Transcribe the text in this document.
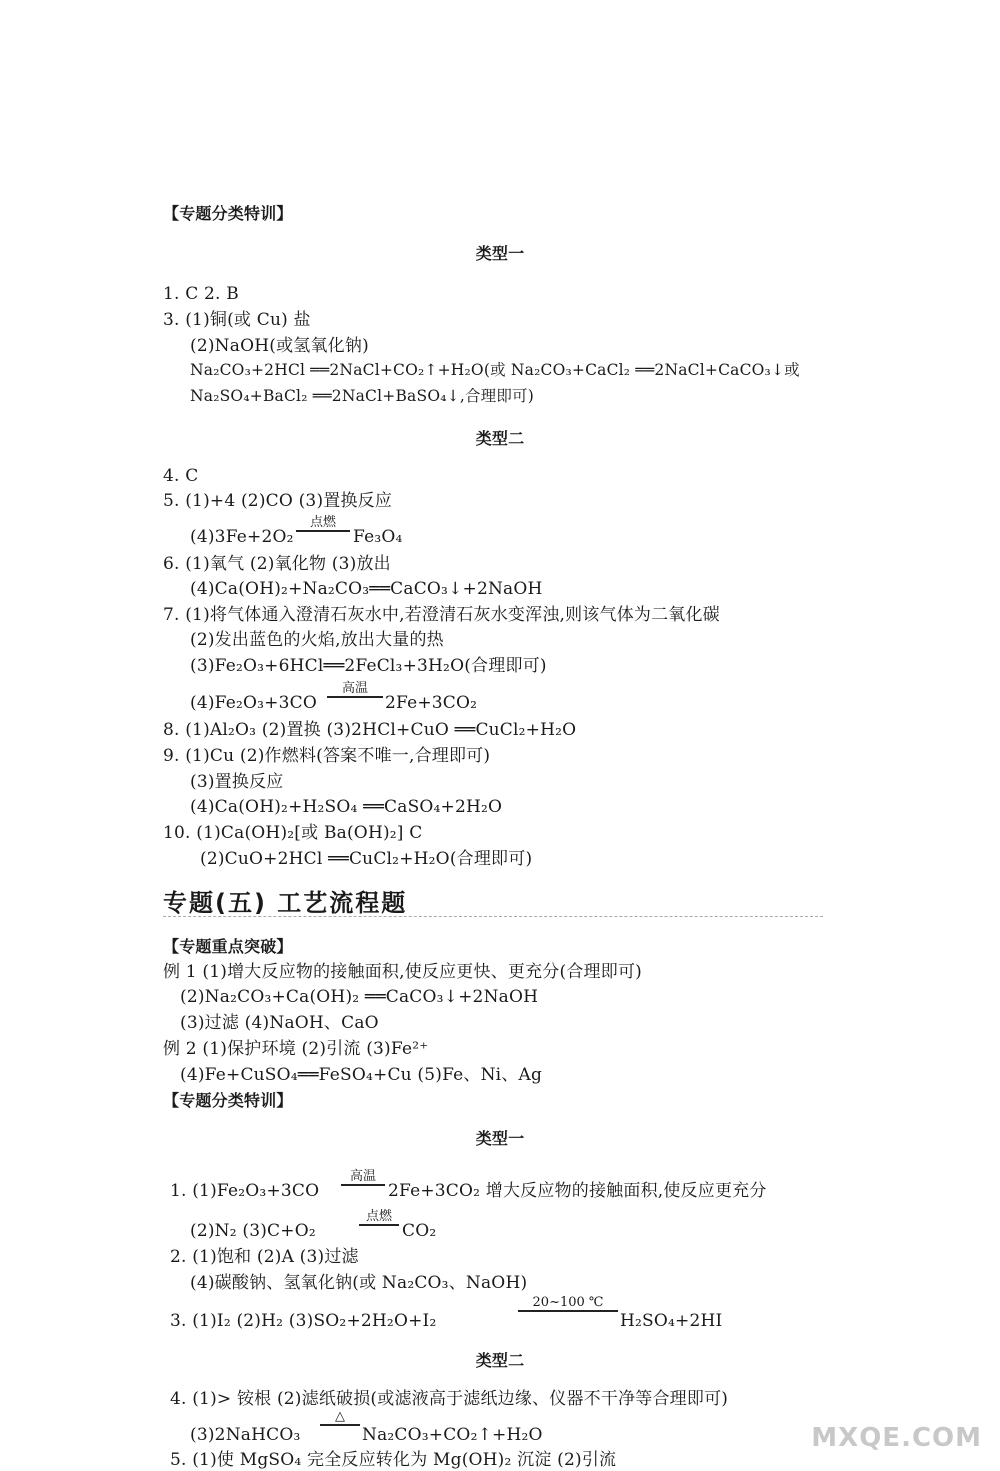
【专题分类特训】
类型一
1. C 2. B
3. (1)铜(或 Cu) 盐
(2)NaOH(或氢氧化钠)
Na₂CO₃+2HCl ══2NaCl+CO₂↑+H₂O(或 Na₂CO₃+CaCl₂ ══2NaCl+CaCO₃↓或
Na₂SO₄+BaCl₂ ══2NaCl+BaSO₄↓,合理即可)
类型二
4. C
5. (1)+4 (2)CO (3)置换反应
(4)3Fe+2O₂
点燃
Fe₃O₄
6. (1)氧气 (2)氧化物 (3)放出
(4)Ca(OH)₂+Na₂CO₃══CaCO₃↓+2NaOH
7. (1)将气体通入澄清石灰水中,若澄清石灰水变浑浊,则该气体为二氧化碳
(2)发出蓝色的火焰,放出大量的热
(3)Fe₂O₃+6HCl══2FeCl₃+3H₂O(合理即可)
(4)Fe₂O₃+3CO
高温
2Fe+3CO₂
8. (1)Al₂O₃ (2)置换 (3)2HCl+CuO ══CuCl₂+H₂O
9. (1)Cu (2)作燃料(答案不唯一,合理即可)
(3)置换反应
(4)Ca(OH)₂+H₂SO₄ ══CaSO₄+2H₂O
10. (1)Ca(OH)₂[或 Ba(OH)₂] C
(2)CuO+2HCl ══CuCl₂+H₂O(合理即可)
专题(五) 工艺流程题
【专题重点突破】
例 1 (1)增大反应物的接触面积,使反应更快、更充分(合理即可)
(2)Na₂CO₃+Ca(OH)₂ ══CaCO₃↓+2NaOH
(3)过滤 (4)NaOH、CaO
例 2 (1)保护环境 (2)引流 (3)Fe²⁺
(4)Fe+CuSO₄══FeSO₄+Cu (5)Fe、Ni、Ag
【专题分类特训】
类型一
1. (1)Fe₂O₃+3CO
高温
2Fe+3CO₂ 增大反应物的接触面积,使反应更充分
(2)N₂ (3)C+O₂
点燃
CO₂
2. (1)饱和 (2)A (3)过滤
(4)碳酸钠、氢氧化钠(或 Na₂CO₃、NaOH)
3. (1)I₂ (2)H₂ (3)SO₂+2H₂O+I₂
20~100 ℃
H₂SO₄+2HI
类型二
4. (1)> 铵根 (2)滤纸破损(或滤液高于滤纸边缘、仪器不干净等合理即可)
(3)2NaHCO₃
△
Na₂CO₃+CO₂↑+H₂O
5. (1)使 MgSO₄ 完全反应转化为 Mg(OH)₂ 沉淀 (2)引流
MXQE.COM
